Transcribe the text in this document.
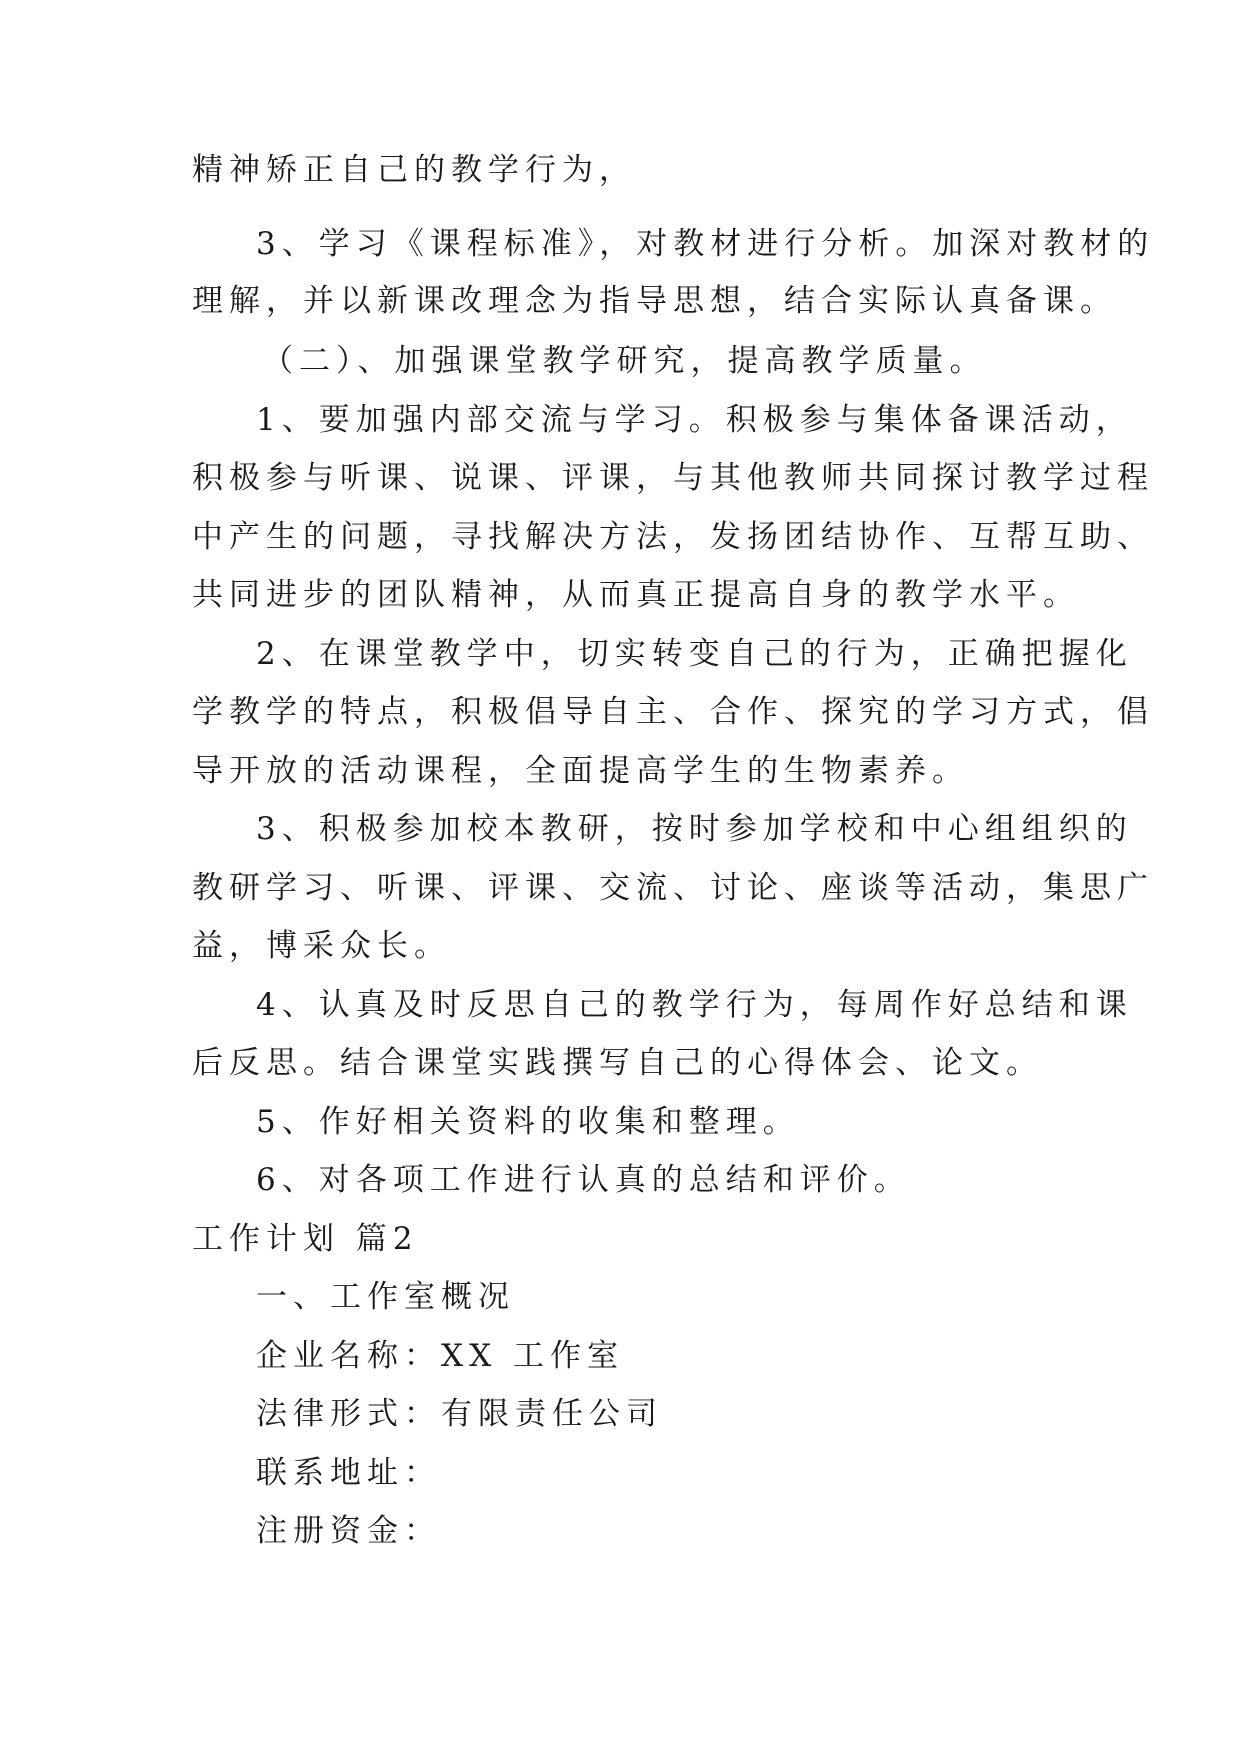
精神矫正自己的教学行为，
3、学习《课程标准》，对教材进行分析。加深对教材的
理解，并以新课改理念为指导思想，结合实际认真备课。
（二）、加强课堂教学研究，提高教学质量。
1、要加强内部交流与学习。积极参与集体备课活动，
积极参与听课、说课、评课，与其他教师共同探讨教学过程
中产生的问题，寻找解决方法，发扬团结协作、互帮互助、
共同进步的团队精神，从而真正提高自身的教学水平。
2、在课堂教学中，切实转变自己的行为，正确把握化
学教学的特点，积极倡导自主、合作、探究的学习方式，倡
导开放的活动课程，全面提高学生的生物素养。
3、积极参加校本教研，按时参加学校和中心组组织的
教研学习、听课、评课、交流、讨论、座谈等活动，集思广
益，博采众长。
4、认真及时反思自己的教学行为，每周作好总结和课
后反思。结合课堂实践撰写自己的心得体会、论文。
5、作好相关资料的收集和整理。
6、对各项工作进行认真的总结和评价。
工作计划 篇2
一、工作室概况
企业名称：XX 工作室
法律形式：有限责任公司
联系地址：
注册资金：
